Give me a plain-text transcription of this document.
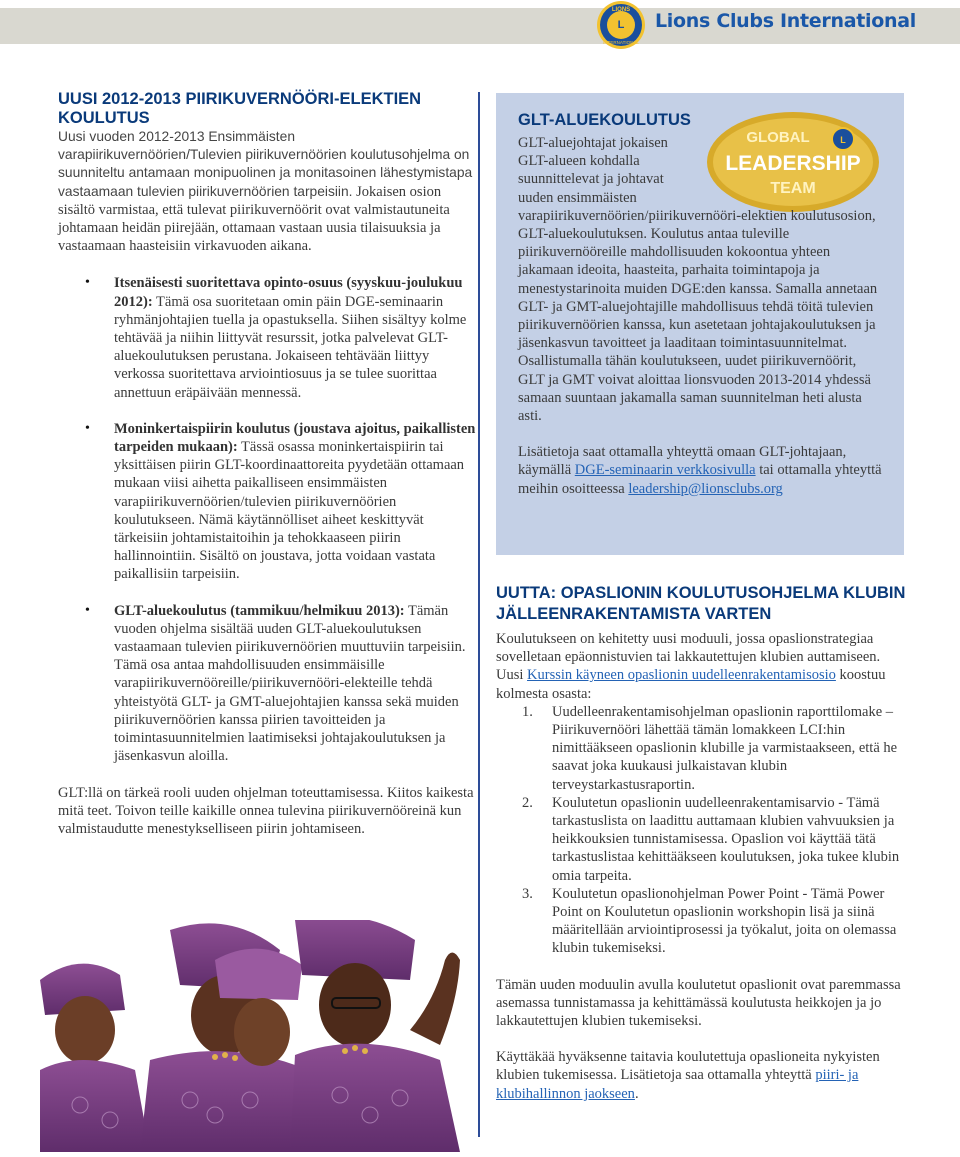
L
LIONS
INTERNATIONAL
Lions Clubs International
UUSI 2012-2013 PIIRIKUVERNÖÖRI-ELEKTIEN KOULUTUS
Uusi vuoden 2012-2013 Ensimmäisten varapiirikuvernöörien/Tulevien piirikuvernöörien koulutusohjelma on suunniteltu antamaan monipuolinen ja monitasoinen lähestymistapa vastaamaan tulevien piirikuvernöörien tarpeisiin. Jokaisen osion sisältö varmistaa, että tulevat piirikuvernöörit ovat valmistautuneita johtamaan heidän piirejään, ottamaan vastaan uusia tilaisuuksia ja vastaamaan haasteisiin virkavuoden aikana.
• Itsenäisesti suoritettava opinto-osuus (syyskuu-joulukuu 2012): Tämä osa suoritetaan omin päin DGE-seminaarin ryhmänjohtajien tuella ja opastuksella. Siihen sisältyy kolme tehtävää ja niihin liittyvät resurssit, jotka palvelevat GLT-aluekoulutuksen perustana. Jokaiseen tehtävään liittyy verkossa suoritettava arviointiosuus ja se tulee suorittaa annettuun eräpäivään mennessä.
• Moninkertaispiirin koulutus (joustava ajoitus, paikallisten tarpeiden mukaan): Tässä osassa moninkertaispiirin tai yksittäisen piirin GLT-koordinaattoreita pyydetään ottamaan mukaan viisi aihetta paikalliseen ensimmäisten varapiirikuvernöörien/tulevien piirikuvernöörien koulutukseen. Nämä käytännölliset aiheet keskittyvät tärkeisiin johtamistaitoihin ja tehokkaaseen piirin hallinnointiin. Sisältö on joustava, jotta voidaan vastata paikallisiin tarpeisiin.
• GLT-aluekoulutus (tammikuu/helmikuu 2013): Tämän vuoden ohjelma sisältää uuden GLT-aluekoulutuksen vastaamaan tulevien piirikuvernöörien muuttuviin tarpeisiin. Tämä osa antaa mahdollisuuden ensimmäisille varapiirikuvernööreille/piirikuvernööri-elekteille tehdä yhteistyötä GLT- ja GMT-aluejohtajien kanssa sekä muiden piirikuvernöörien kanssa piirien tavoitteiden ja toimintasuunnitelmien laatimiseksi johtajakoulutuksen ja jäsenkasvun aloilla.
GLT:llä on tärkeä rooli uuden ohjelman toteuttamisessa. Kiitos kaikesta mitä teet. Toivon teille kaikille onnea tulevina piirikuvernööreinä kun valmistaudutte menestykselliseen piirin johtamiseen.
GLOBAL	L
LEADERSHIP
TEAM
GLT-ALUEKOULUTUS
GLT-aluejohtajat jokaisen GLT-alueen kohdalla suunnittelevat ja johtavat uuden ensimmäisten varapiirikuvernöörien/piirikuvernööri-elektien koulutusosion, GLT-aluekoulutuksen. Koulutus antaa tuleville piirikuvernööreille mahdollisuuden kokoontua yhteen jakamaan ideoita, haasteita, parhaita toimintapoja ja menestystarinoita muiden DGE:den kanssa. Samalla annetaan GLT- ja GMT-aluejohtajille mahdollisuus tehdä töitä tulevien piirikuvernöörien kanssa, kun asetetaan johtajakoulutuksen ja jäsenkasvun tavoitteet ja laaditaan toimintasuunnitelmat. Osallistumalla tähän koulutukseen, uudet piirikuvernöörit, GLT ja GMT voivat aloittaa lionsvuoden 2013-2014 yhdessä samaan suuntaan jakamalla saman suunnitelman heti alusta asti.
Lisätietoja saat ottamalla yhteyttä omaan GLT-johtajaan, käymällä DGE-seminaarin verkkosivulla tai ottamalla yhteyttä meihin osoitteessa leadership@lionsclubs.org
UUTTA: OPASLIONIN KOULUTUSOHJELMA KLUBIN JÄLLEENRAKENTAMISTA VARTEN
Koulutukseen on kehitetty uusi moduuli, jossa opaslionstrategiaa sovelletaan epäonnistuvien tai lakkautettujen klubien auttamiseen. Uusi Kurssin käyneen opaslionin uudelleenrakentamisosio koostuu kolmesta osasta:
1. Uudelleenrakentamisohjelman opaslionin raporttilomake – Piirikuvernööri lähettää tämän lomakkeen LCI:hin nimittääkseen opaslionin klubille ja varmistaakseen, että he saavat joka kuukausi julkaistavan klubin terveystarkastusraportin.
2. Koulutetun opaslionin uudelleenrakentamisarvio - Tämä tarkastuslista on laadittu auttamaan klubien vahvuuksien ja heikkouksien tunnistamisessa. Opaslion voi käyttää tätä tarkastuslistaa kehittääkseen koulutuksen, joka tukee klubin omia tarpeita.
3. Koulutetun opaslionohjelman Power Point - Tämä Power Point on Koulutetun opaslionin workshopin lisä ja siinä määritellään arviointiprosessi ja työkalut, joita on olemassa klubin tukemiseksi.
Tämän uuden moduulin avulla koulutetut opaslionit ovat paremmassa asemassa tunnistamassa ja kehittämässä koulutusta heikkojen ja jo lakkautettujen klubien tukemiseksi.
Käyttäkää hyväksenne taitavia koulutettuja opaslioneita nykyisten klubien tukemisessa. Lisätietoja saa ottamalla yhteyttä piiri- ja klubihallinnon jaokseen.
